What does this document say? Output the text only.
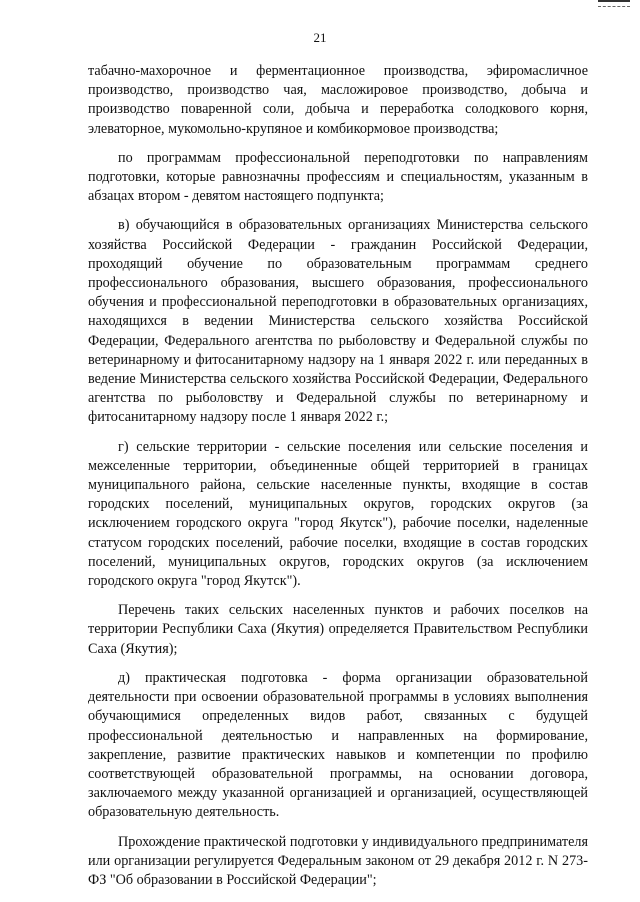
21

табачно-махорочное и ферментационное производства, эфиромасличное производство, производство чая, масложировое производство, добыча и производство поваренной соли, добыча и переработка солодкового корня, элеваторное, мукомольно-крупяное и комбикормовое производства;

по программам профессиональной переподготовки по направлениям подготовки, которые равнозначны профессиям и специальностям, указанным в абзацах втором - девятом настоящего подпункта;

в) обучающийся в образовательных организациях Министерства сельского хозяйства Российской Федерации - гражданин Российской Федерации, проходящий обучение по образовательным программам среднего профессионального образования, высшего образования, профессионального обучения и профессиональной переподготовки в образовательных организациях, находящихся в ведении Министерства сельского хозяйства Российской Федерации, Федерального агентства по рыболовству и Федеральной службы по ветеринарному и фитосанитарному надзору на 1 января 2022 г. или переданных в ведение Министерства сельского хозяйства Российской Федерации, Федерального агентства по рыболовству и Федеральной службы по ветеринарному и фитосанитарному надзору после 1 января 2022 г.;

г) сельские территории - сельские поселения или сельские поселения и межселенные территории, объединенные общей территорией в границах муниципального района, сельские населенные пункты, входящие в состав городских поселений, муниципальных округов, городских округов (за исключением городского округа "город Якутск"), рабочие поселки, наделенные статусом городских поселений, рабочие поселки, входящие в состав городских поселений, муниципальных округов, городских округов (за исключением городского округа "город Якутск").

Перечень таких сельских населенных пунктов и рабочих поселков на территории Республики Саха (Якутия) определяется Правительством Республики Саха (Якутия);

д) практическая подготовка - форма организации образовательной деятельности при освоении образовательной программы в условиях выполнения обучающимися определенных видов работ, связанных с будущей профессиональной деятельностью и направленных на формирование, закрепление, развитие практических навыков и компетенции по профилю соответствующей образовательной программы, на основании договора, заключаемого между указанной организацией и организацией, осуществляющей образовательную деятельность.

Прохождение практической подготовки у индивидуального предпринимателя или организации регулируется Федеральным законом от 29 декабря 2012 г. N 273-ФЗ "Об образовании в Российской Федерации";
